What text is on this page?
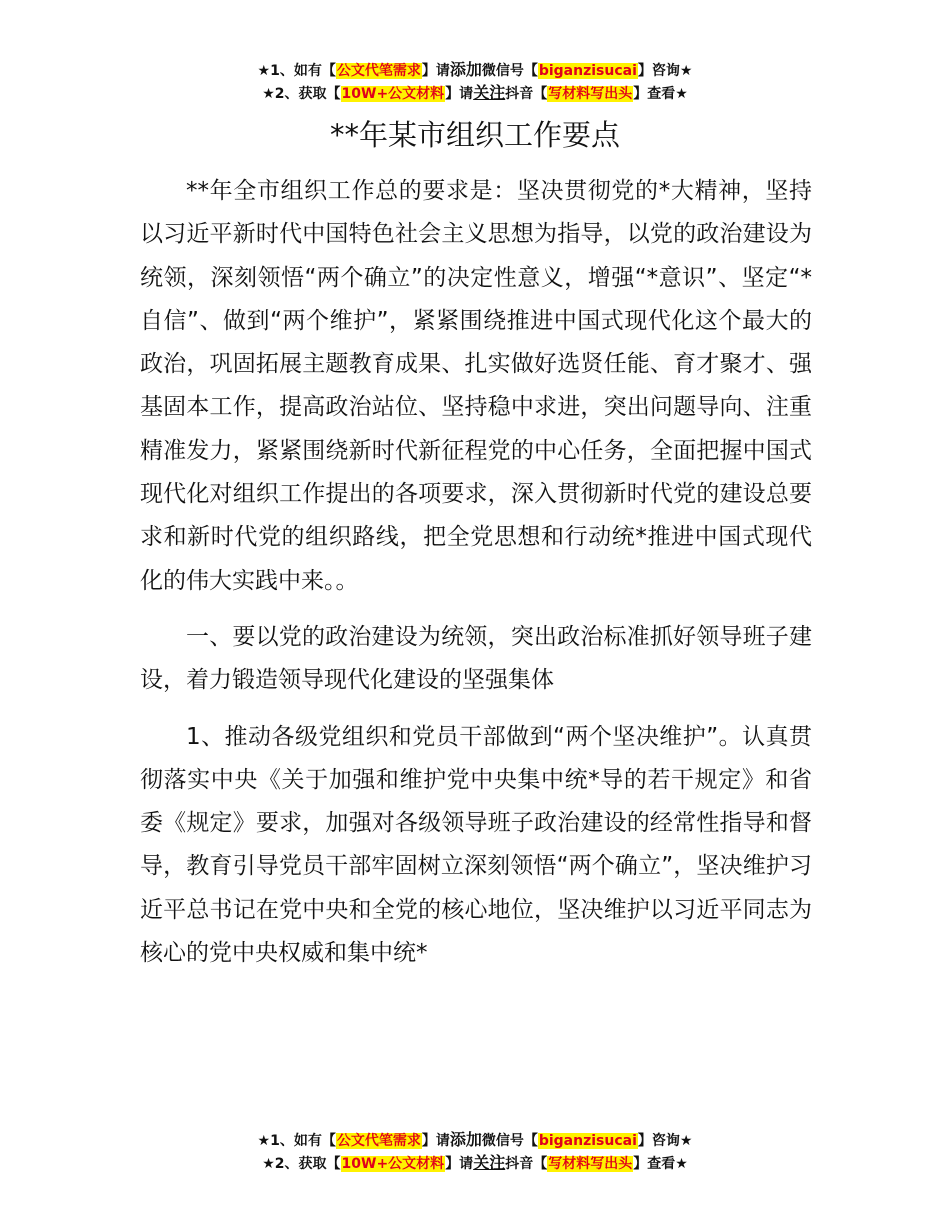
★1、如有【公文代笔需求】请添加微信号【biganzisucai】咨询★
★2、获取【10W+公文材料】请关注抖音【写材料写出头】查看★
**年某市组织工作要点

**年全市组织工作总的要求是：坚决贯彻党的*大精神，坚持以习近平新时代中国特色社会主义思想为指导，以党的政治建设为统领，深刻领悟“两个确立”的决定性意义，增强“*意识”、坚定“*自信”、做到“两个维护”，紧紧围绕推进中国式现代化这个最大的政治，巩固拓展主题教育成果、扎实做好选贤任能、育才聚才、强基固本工作，提高政治站位、坚持稳中求进，突出问题导向、注重精准发力，紧紧围绕新时代新征程党的中心任务，全面把握中国式现代化对组织工作提出的各项要求，深入贯彻新时代党的建设总要求和新时代党的组织路线，把全党思想和行动统*推进中国式现代化的伟大实践中来。。

一、要以党的政治建设为统领，突出政治标准抓好领导班子建设，着力锻造领导现代化建设的坚强集体

1、推动各级党组织和党员干部做到“两个坚决维护”。认真贯彻落实中央《关于加强和维护党中央集中统*导的若干规定》和省委《规定》要求，加强对各级领导班子政治建设的经常性指导和督导，教育引导党员干部牢固树立深刻领悟“两个确立”，坚决维护习近平总书记在党中央和全党的核心地位，坚决维护以习近平同志为核心的党中央权威和集中统*

★1、如有【公文代笔需求】请添加微信号【biganzisucai】咨询★
★2、获取【10W+公文材料】请关注抖音【写材料写出头】查看★
